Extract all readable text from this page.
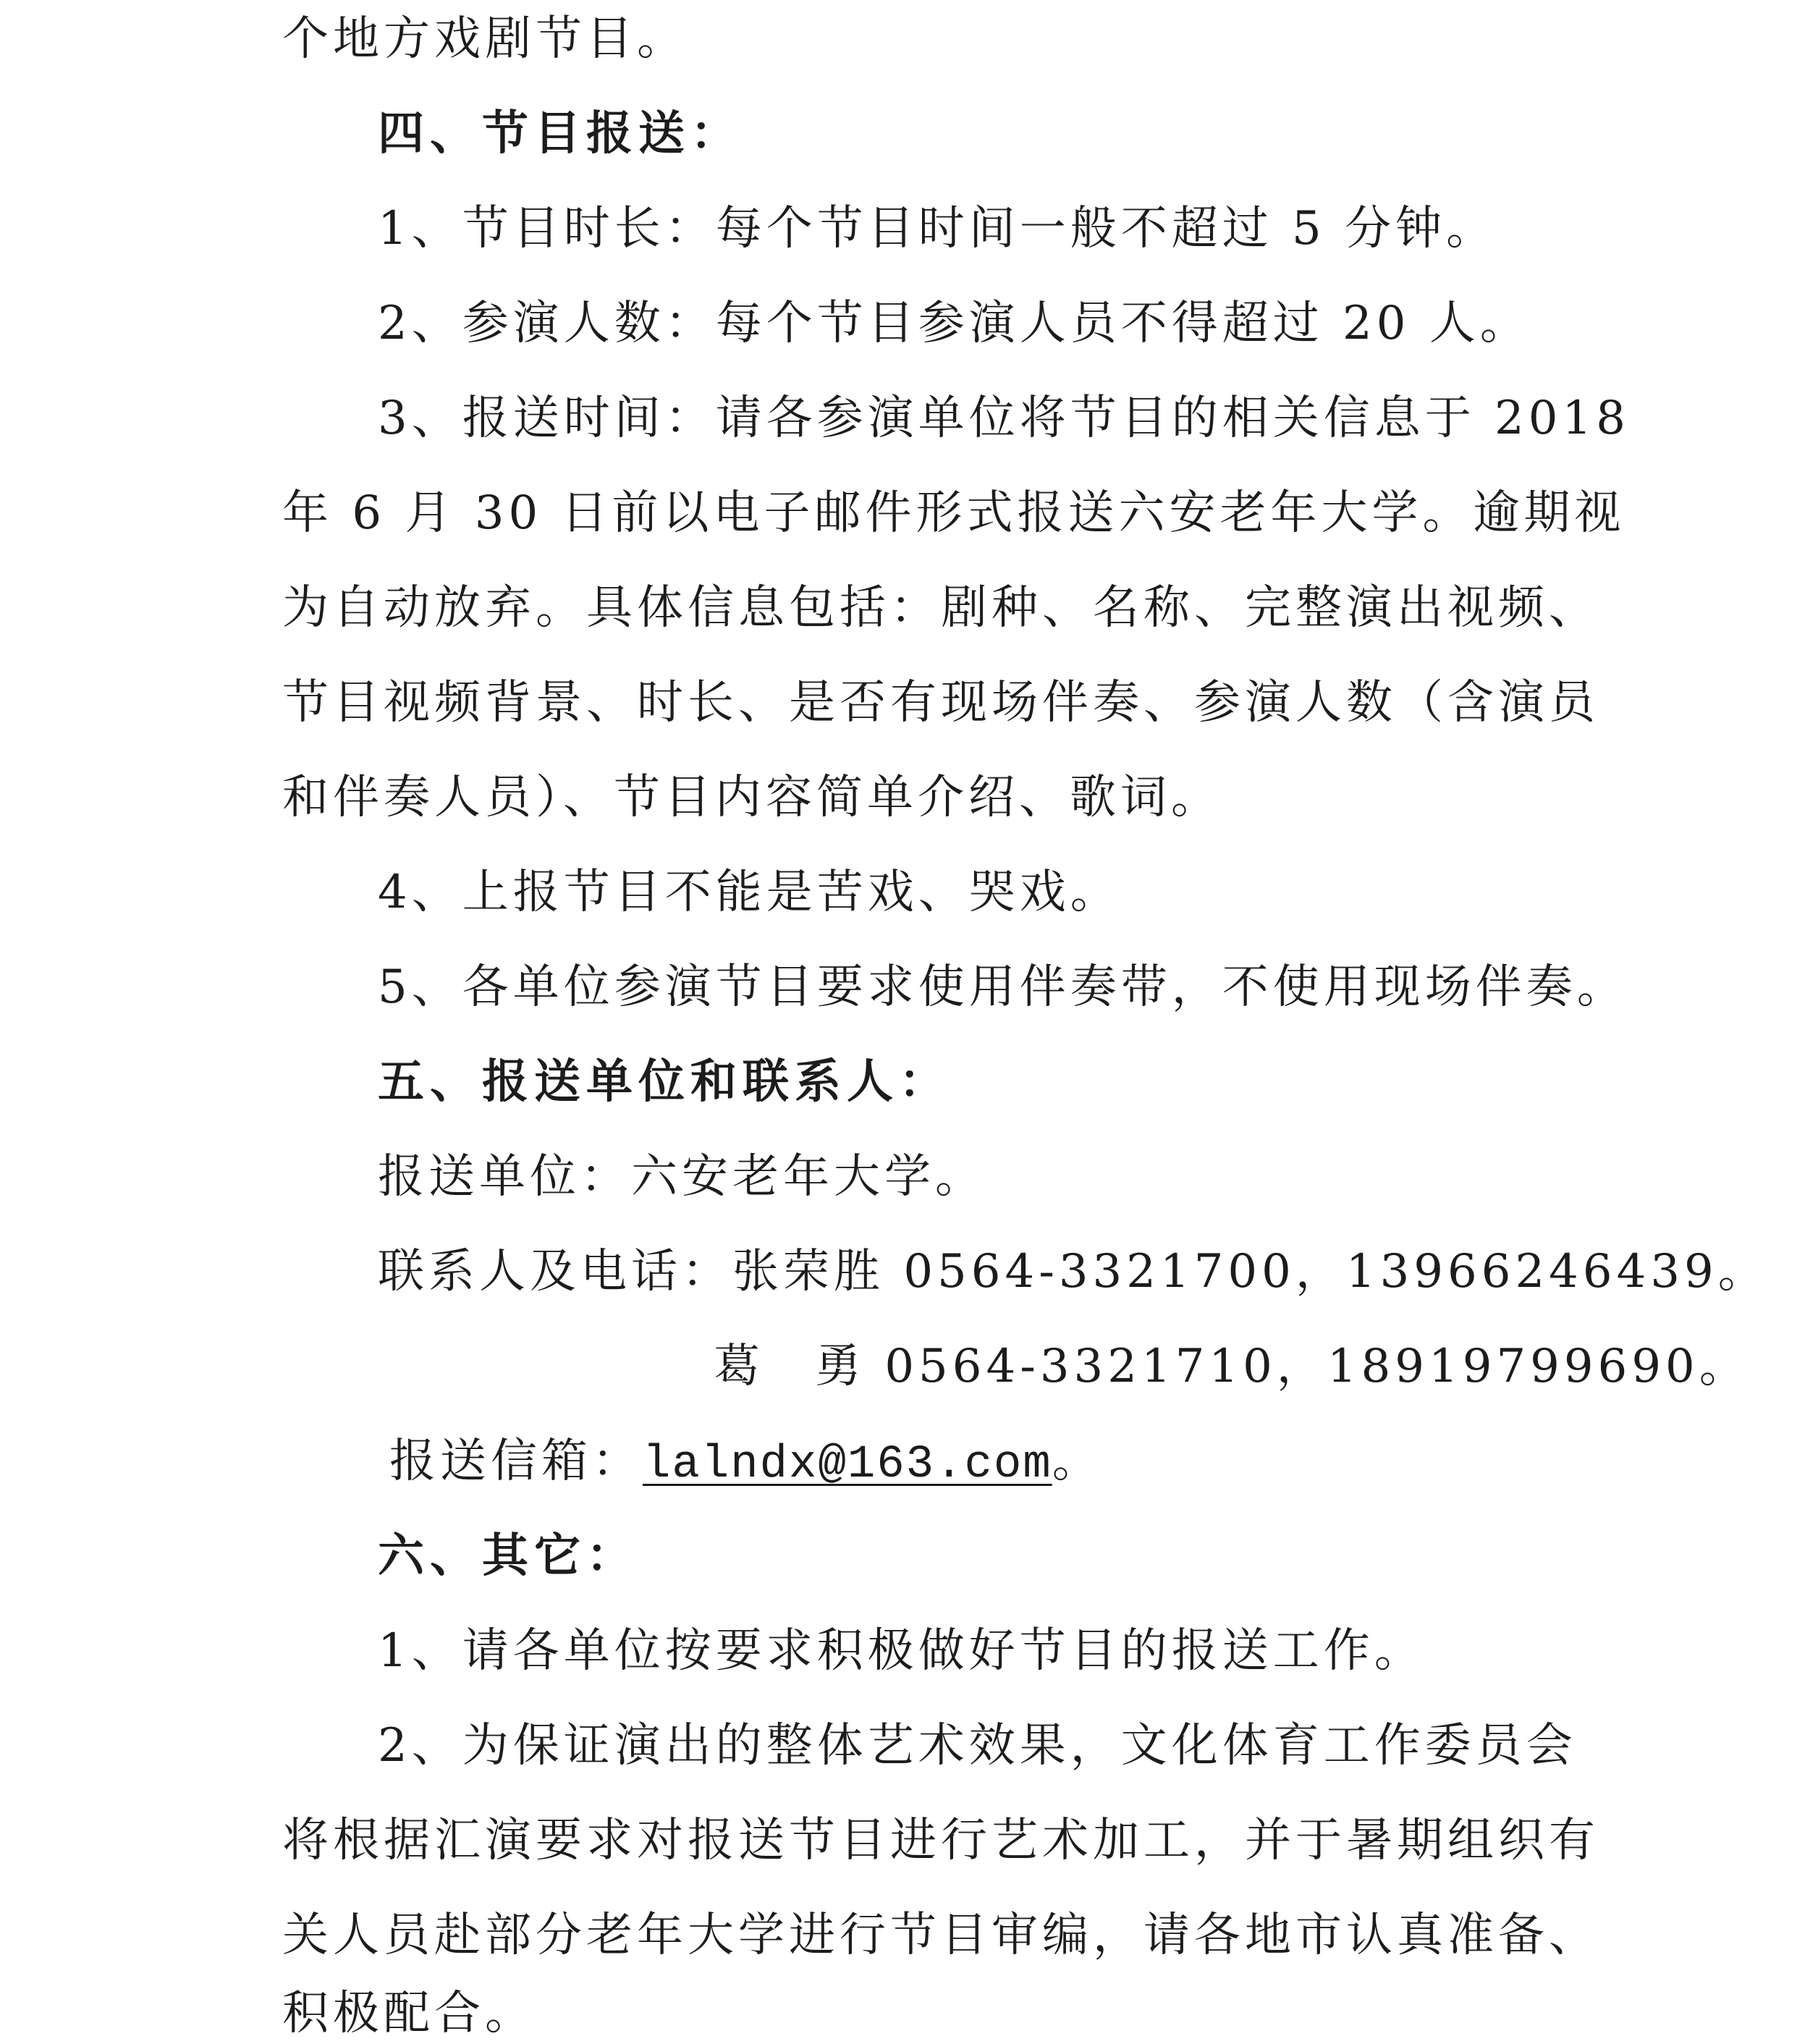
个地方戏剧节目。
四、节目报送：
1、节目时长：每个节目时间一般不超过 5 分钟。
2、参演人数：每个节目参演人员不得超过 20 人。
3、报送时间：请各参演单位将节目的相关信息于 2018
年 6 月 30 日前以电子邮件形式报送六安老年大学。逾期视
为自动放弃。具体信息包括：剧种、名称、完整演出视频、
节目视频背景、时长、是否有现场伴奏、参演人数（含演员
和伴奏人员）、节目内容简单介绍、歌词。
4、上报节目不能是苦戏、哭戏。
5、各单位参演节目要求使用伴奏带，不使用现场伴奏。
五、报送单位和联系人：
报送单位：六安老年大学。
联系人及电话：张荣胜 0564-3321700，13966246439。
葛　勇 0564-3321710，18919799690。
报送信箱：lalndx@163.com。
六、其它：
1、请各单位按要求积极做好节目的报送工作。
2、为保证演出的整体艺术效果，文化体育工作委员会
将根据汇演要求对报送节目进行艺术加工，并于暑期组织有
关人员赴部分老年大学进行节目审编，请各地市认真准备、
积极配合。
